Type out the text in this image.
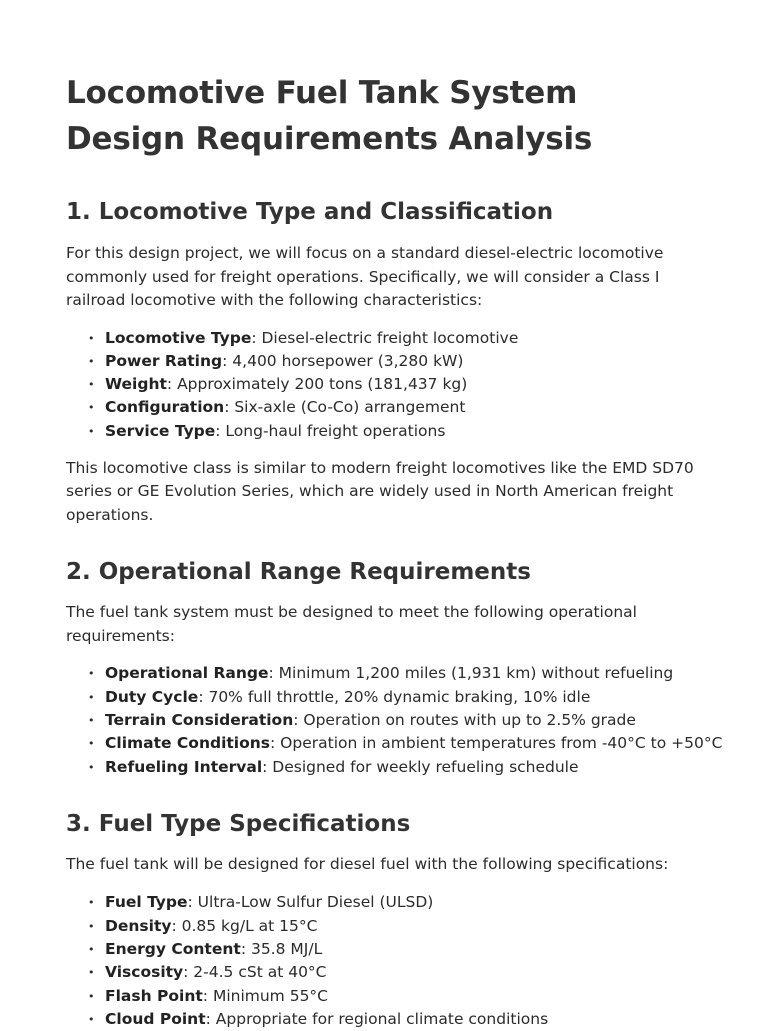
Locomotive Fuel Tank System Design Requirements Analysis
1. Locomotive Type and Classification

For this design project, we will focus on a standard diesel-electric locomotive commonly used for freight operations. Specifically, we will consider a Class I railroad locomotive with the following characteristics:

• Locomotive Type: Diesel-electric freight locomotive
• Power Rating: 4,400 horsepower (3,280 kW)
• Weight: Approximately 200 tons (181,437 kg)
• Configuration: Six-axle (Co-Co) arrangement
• Service Type: Long-haul freight operations

This locomotive class is similar to modern freight locomotives like the EMD SD70 series or GE Evolution Series, which are widely used in North American freight operations.

2. Operational Range Requirements

The fuel tank system must be designed to meet the following operational requirements:

• Operational Range: Minimum 1,200 miles (1,931 km) without refueling
• Duty Cycle: 70% full throttle, 20% dynamic braking, 10% idle
• Terrain Consideration: Operation on routes with up to 2.5% grade
• Climate Conditions: Operation in ambient temperatures from -40°C to +50°C
• Refueling Interval: Designed for weekly refueling schedule
3. Fuel Type Specifications

The fuel tank will be designed for diesel fuel with the following specifications:

• Fuel Type: Ultra-Low Sulfur Diesel (ULSD)
• Density: 0.85 kg/L at 15°C
• Energy Content: 35.8 MJ/L
• Viscosity: 2-4.5 cSt at 40°C
• Flash Point: Minimum 55°C
• Cloud Point: Appropriate for regional climate conditions
